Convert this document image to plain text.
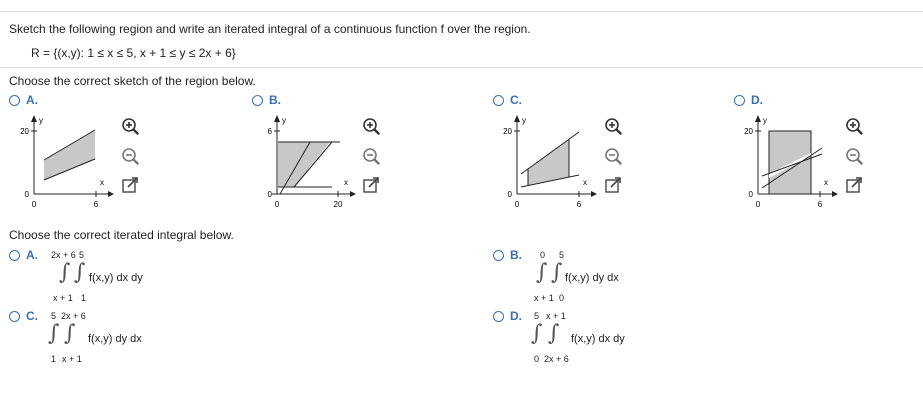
Sketch the following region and write an iterated integral of a continuous function f over the region.
R = {(x,y): 1 ≤ x ≤ 5, x + 1 ≤ y ≤ 2x + 6}
Choose the correct sketch of the region below.
A.
y
x
20
0
0	6
B.
y
x
6
0
0	20
C.
y
x
20
0
0	6
D.
y
x
20
0
0	6
Choose the correct iterated integral below.
A. 2x + 6 5
∫ ∫ f(x,y) dx dy
x + 1 1
B. 0 5
∫ ∫ f(x,y) dy dx
x + 1 0
C. 5 2x + 6
∫ ∫ f(x,y) dy dx
1 x + 1
D. 5 x + 1
∫ ∫ f(x,y) dx dy
0 2x + 6
